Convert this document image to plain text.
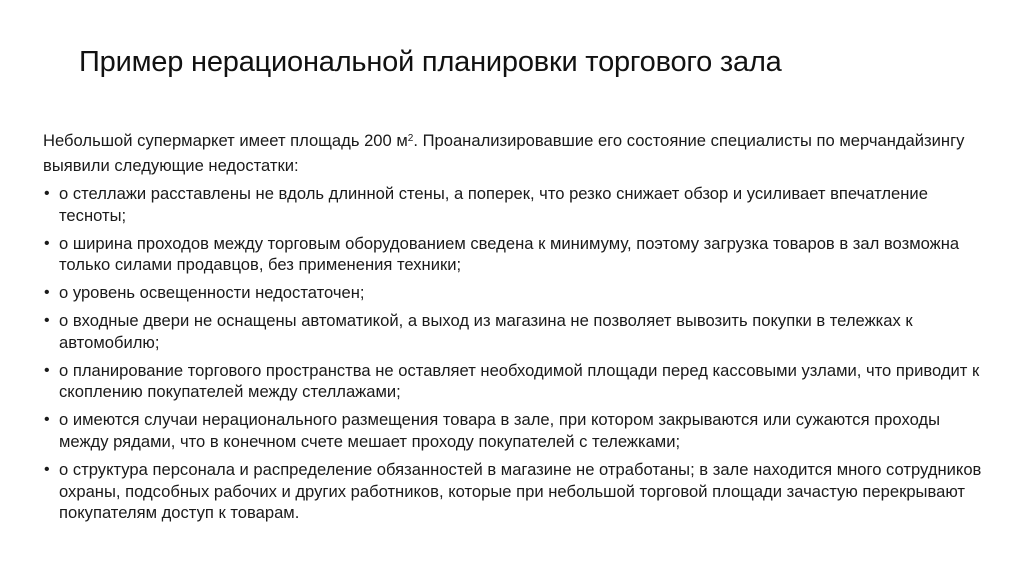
Пример нерациональной планировки торгового зала

Небольшой супермаркет имеет площадь 200 $м^2$. Проанализировавшие его состояние специалисты по мерчандайзингу выявили следующие недостатки:

• о стеллажи расставлены не вдоль длинной стены, а поперек, что резко снижает обзор и усиливает впечатление тесноты;
• о ширина проходов между торговым оборудованием сведена к минимуму, поэтому загрузка товаров в зал возможна только силами продавцов, без применения техники;
• о уровень освещенности недостаточен;
• о входные двери не оснащены автоматикой, а выход из магазина не позволяет вывозить покупки в тележках к автомобилю;
• о планирование торгового пространства не оставляет необходимой площади перед кассовыми узлами, что приводит к скоплению покупателей между стеллажами;
• о имеются случаи нерационального размещения товара в зале, при котором закрываются или сужаются проходы между рядами, что в конечном счете мешает проходу покупателей с тележками;
• о структура персонала и распределение обязанностей в магазине не отработаны; в зале находится много сотрудников охраны, подсобных рабочих и других работников, которые при небольшой торговой площади зачастую перекрывают покупателям доступ к товарам.
